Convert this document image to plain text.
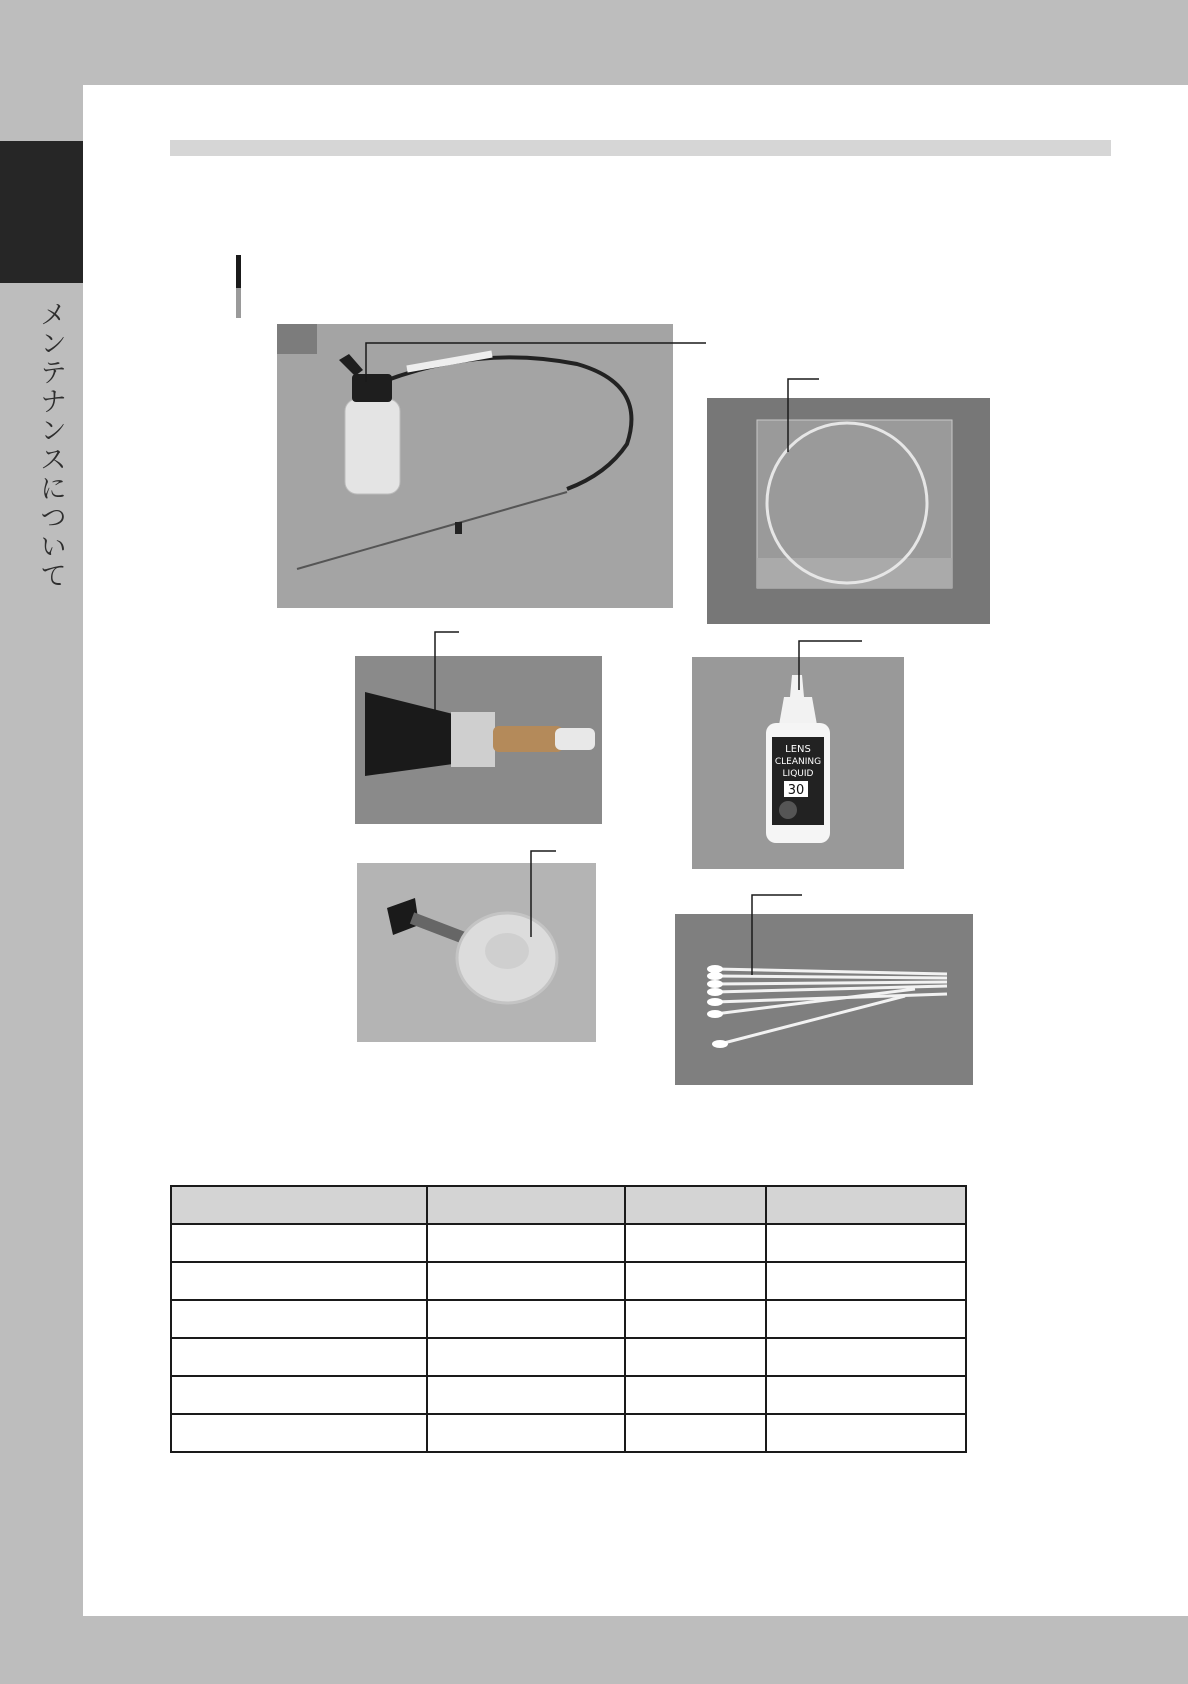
メンテナンスについて
LENS
CLEANING
LIQUID
30
